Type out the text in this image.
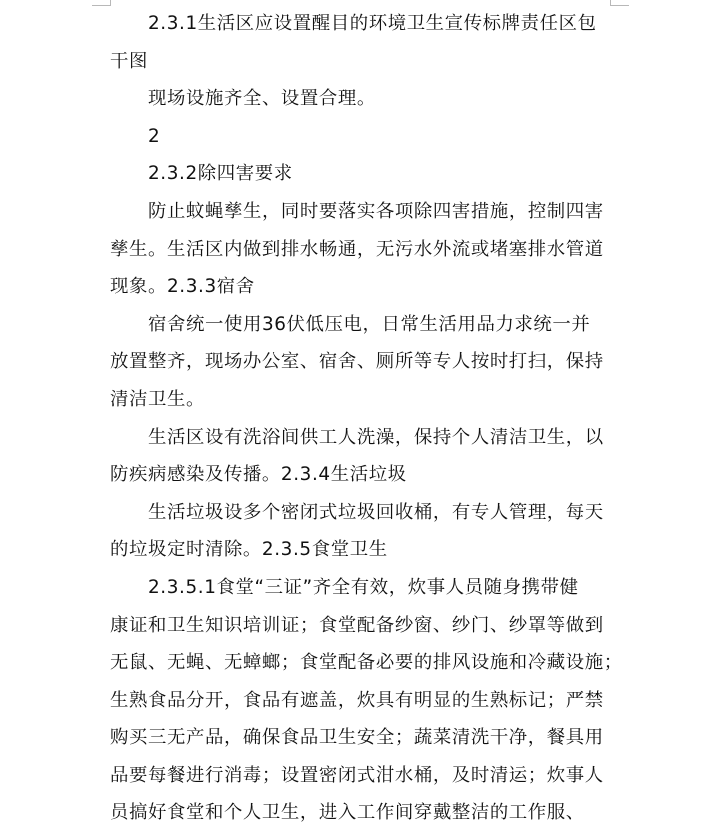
2.3.1生活区应设置醒目的环境卫生宣传标牌责任区包
干图
现场设施齐全、设置合理。
2
2.3.2除四害要求
防止蚊蝇孳生，同时要落实各项除四害措施，控制四害
孳生。生活区内做到排水畅通，无污水外流或堵塞排水管道
现象。2.3.3宿舍
宿舍统一使用36伏低压电，日常生活用品力求统一并
放置整齐，现场办公室、宿舍、厕所等专人按时打扫，保持
清洁卫生。
生活区设有洗浴间供工人洗澡，保持个人清洁卫生，以
防疾病感染及传播。2.3.4生活垃圾
生活垃圾设多个密闭式垃圾回收桶，有专人管理，每天
的垃圾定时清除。2.3.5食堂卫生
2.3.5.1食堂“三证”齐全有效，炊事人员随身携带健
康证和卫生知识培训证；食堂配备纱窗、纱门、纱罩等做到
无鼠、无蝇、无蟑螂；食堂配备必要的排风设施和冷藏设施；
生熟食品分开，食品有遮盖，炊具有明显的生熟标记；严禁
购买三无产品，确保食品卫生安全；蔬菜清洗干净，餐具用
品要每餐进行消毒；设置密闭式泔水桶，及时清运；炊事人
员搞好食堂和个人卫生，进入工作间穿戴整洁的工作服、
